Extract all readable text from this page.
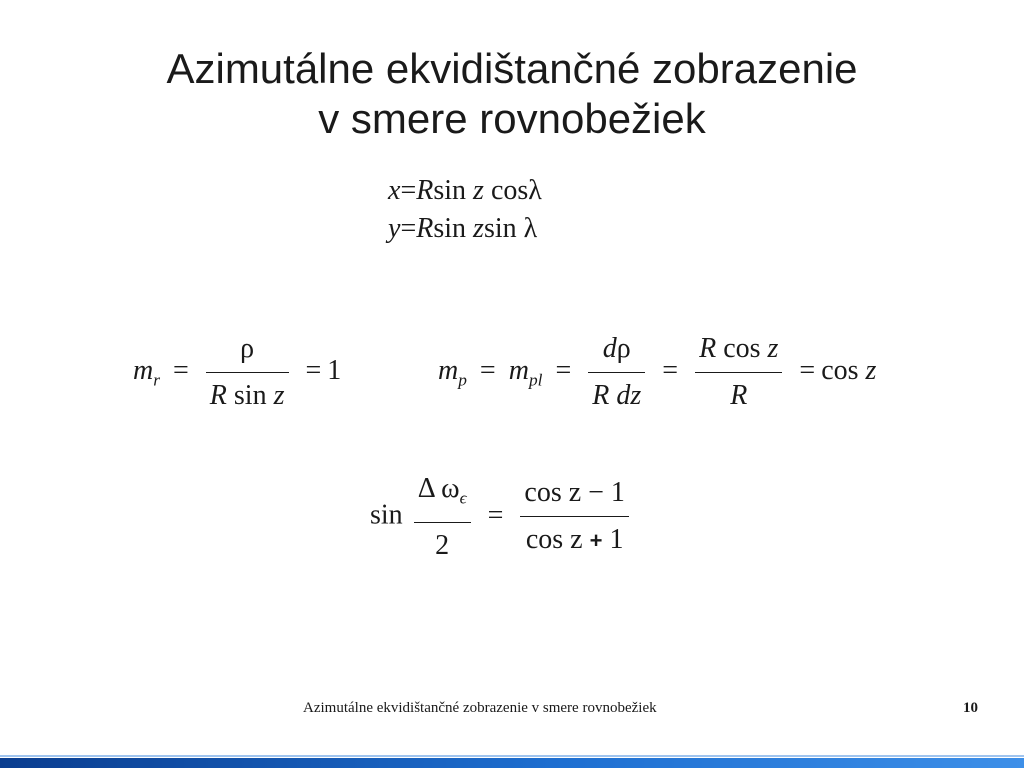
Azimutálne ekvidištančné zobrazenie
v smere rovnobežiek
x=Rsin z cosλ
y=Rsin zsin λ
$m_r = \frac{\rho}{\text{R sin z}} = 1$	$m_p = m_{pl} = \frac{d\rho}{\text{R dz}} = \frac{\text{R cos z}}{R} = \cos z$
$\sin \frac{\Delta \omega_\epsilon}{2} = \frac{\text{cos z − 1}}{\text{cos z + 1}}$
Azimutálne ekvidištančné zobrazenie v smere rovnobežiek	10
